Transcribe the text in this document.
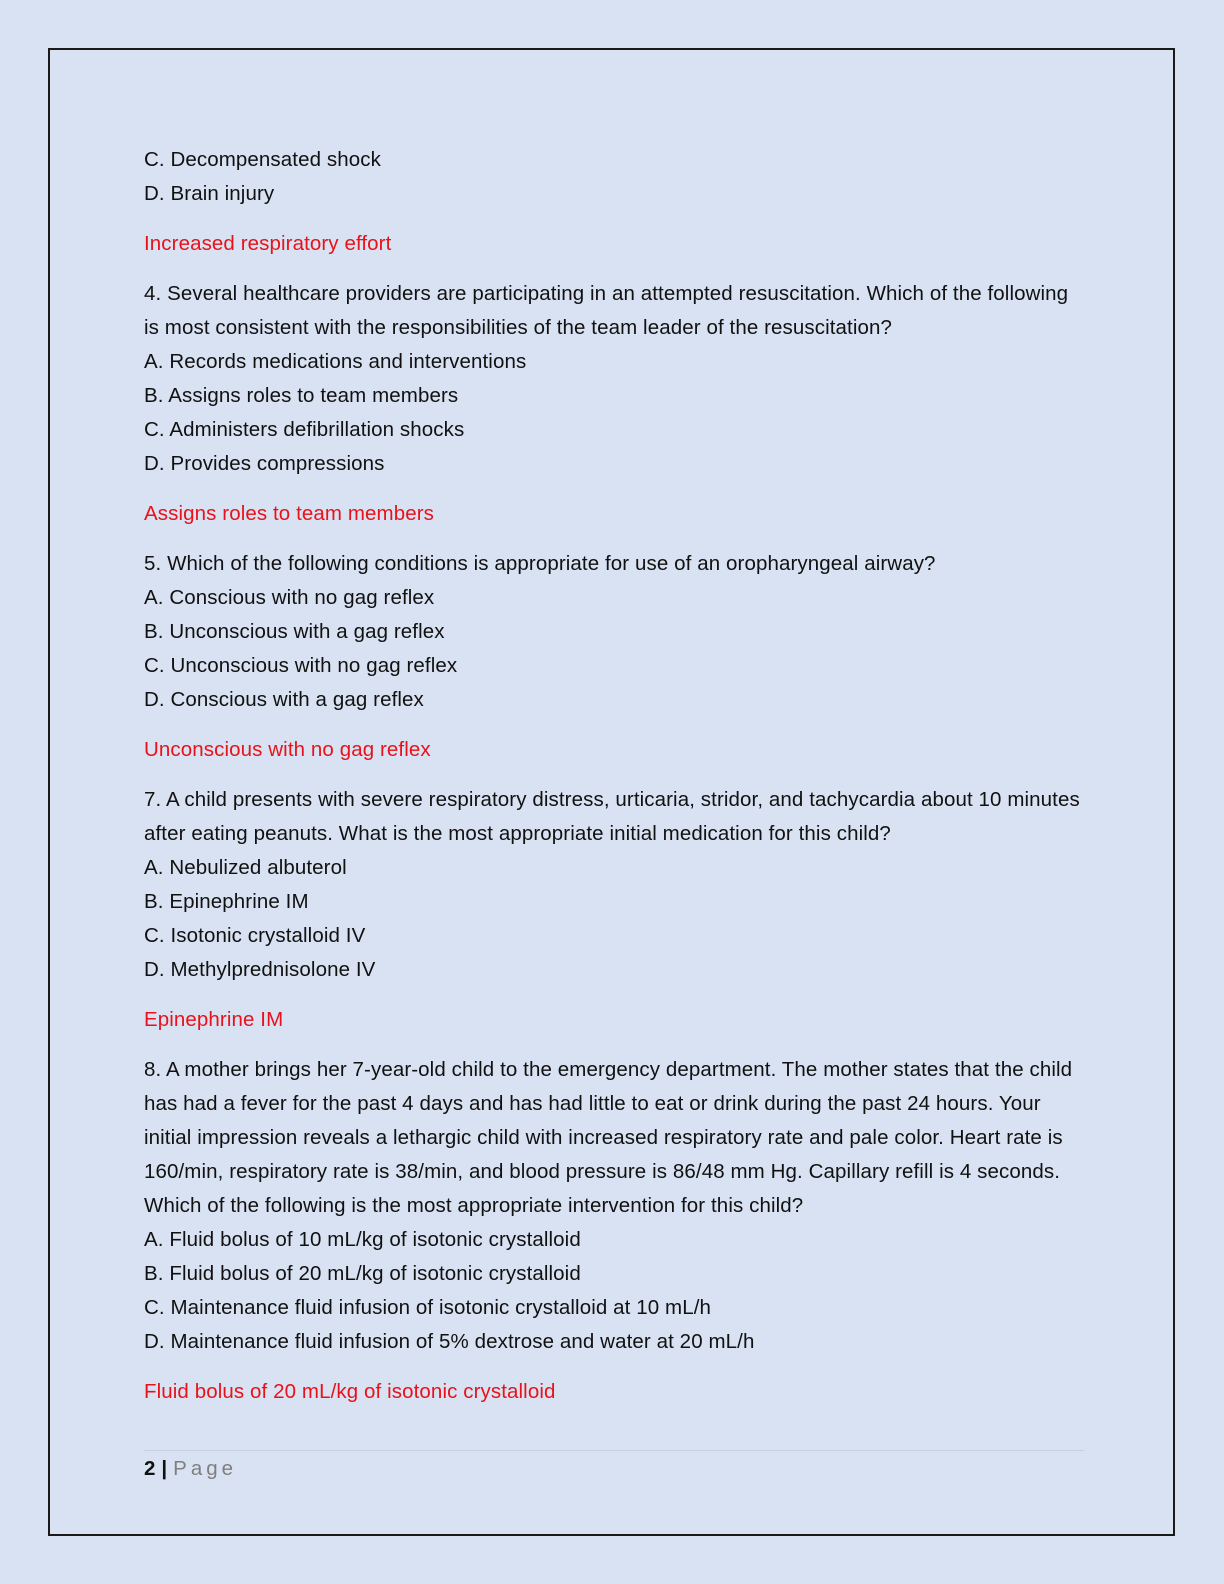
C. Decompensated shock
D. Brain injury
Increased respiratory effort
4. Several healthcare providers are participating in an attempted resuscitation. Which of the following is most consistent with the responsibilities of the team leader of the resuscitation?
A. Records medications and interventions
B. Assigns roles to team members
C. Administers defibrillation shocks
D. Provides compressions
Assigns roles to team members
5. Which of the following conditions is appropriate for use of an oropharyngeal airway?
A. Conscious with no gag reflex
B. Unconscious with a gag reflex
C. Unconscious with no gag reflex
D. Conscious with a gag reflex
Unconscious with no gag reflex
7. A child presents with severe respiratory distress, urticaria, stridor, and tachycardia about 10 minutes after eating peanuts. What is the most appropriate initial medication for this child?
A. Nebulized albuterol
B. Epinephrine IM
C. Isotonic crystalloid IV
D. Methylprednisolone IV
Epinephrine IM
8. A mother brings her 7-year-old child to the emergency department. The mother states that the child has had a fever for the past 4 days and has had little to eat or drink during the past 24 hours. Your initial impression reveals a lethargic child with increased respiratory rate and pale color. Heart rate is 160/min, respiratory rate is 38/min, and blood pressure is 86/48 mm Hg. Capillary refill is 4 seconds. Which of the following is the most appropriate intervention for this child?
A. Fluid bolus of 10 mL/kg of isotonic crystalloid
B. Fluid bolus of 20 mL/kg of isotonic crystalloid
C. Maintenance fluid infusion of isotonic crystalloid at 10 mL/h
D. Maintenance fluid infusion of 5% dextrose and water at 20 mL/h
Fluid bolus of 20 mL/kg of isotonic crystalloid
2 | Page
